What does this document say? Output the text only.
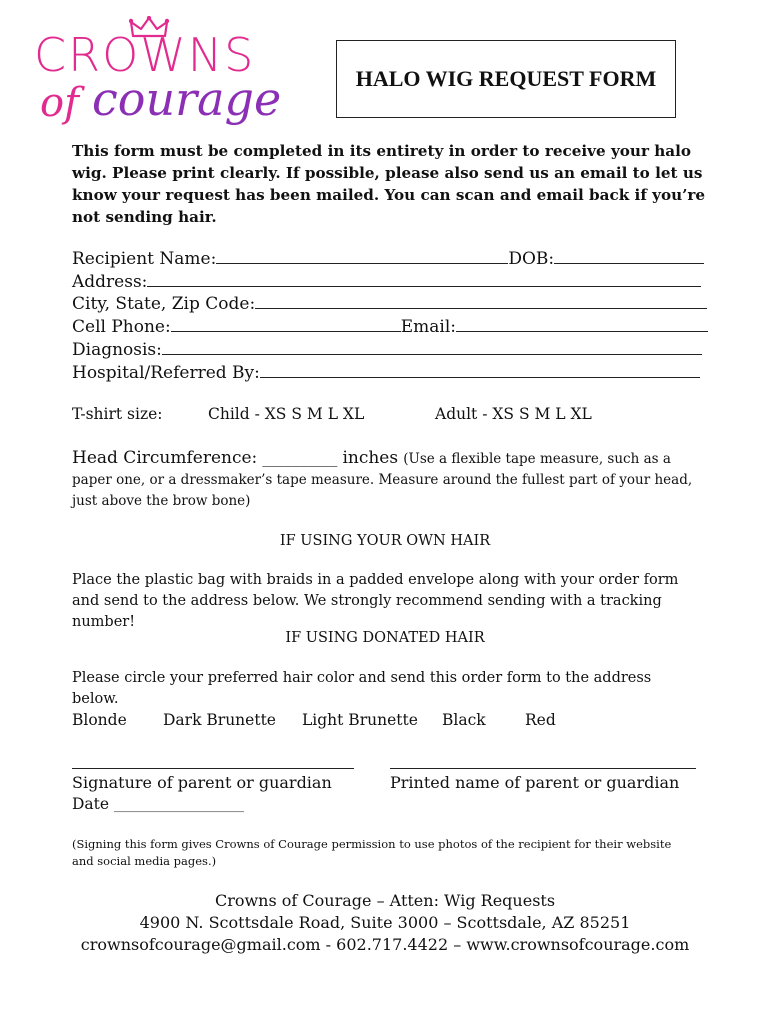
CROWNS
of courage	HALO WIG REQUEST FORM
This form must be completed in its entirety in order to receive your halo wig. Please print clearly. If possible, please also send us an email to let us know your request has been mailed. You can scan and email back if you’re not sending hair.
Recipient Name:	DOB:
Address:
City, State, Zip Code:
Cell Phone:	Email:
Diagnosis:
Hospital/Referred By:
T-shirt size:	Child - XS S M L XL	Adult - XS S M L XL
Head Circumference: __________ inches (Use a flexible tape measure, such as a paper one, or a dressmaker’s tape measure. Measure around the fullest part of your head, just above the brow bone)
IF USING YOUR OWN HAIR
Place the plastic bag with braids in a padded envelope along with your order form and send to the address below. We strongly recommend sending with a tracking number!
IF USING DONATED HAIR
Please circle your preferred hair color and send this order form to the address below.
Blonde Dark Brunette Light Brunette Black	Red
Signature of parent or guardian	Printed name of parent or guardian
Date ____________________
(Signing this form gives Crowns of Courage permission to use photos of the recipient for their website and social media pages.)
Crowns of Courage – Atten: Wig Requests
4900 N. Scottsdale Road, Suite 3000 – Scottsdale, AZ 85251
crownsofcourage@gmail.com - 602.717.4422 – www.crownsofcourage.com
